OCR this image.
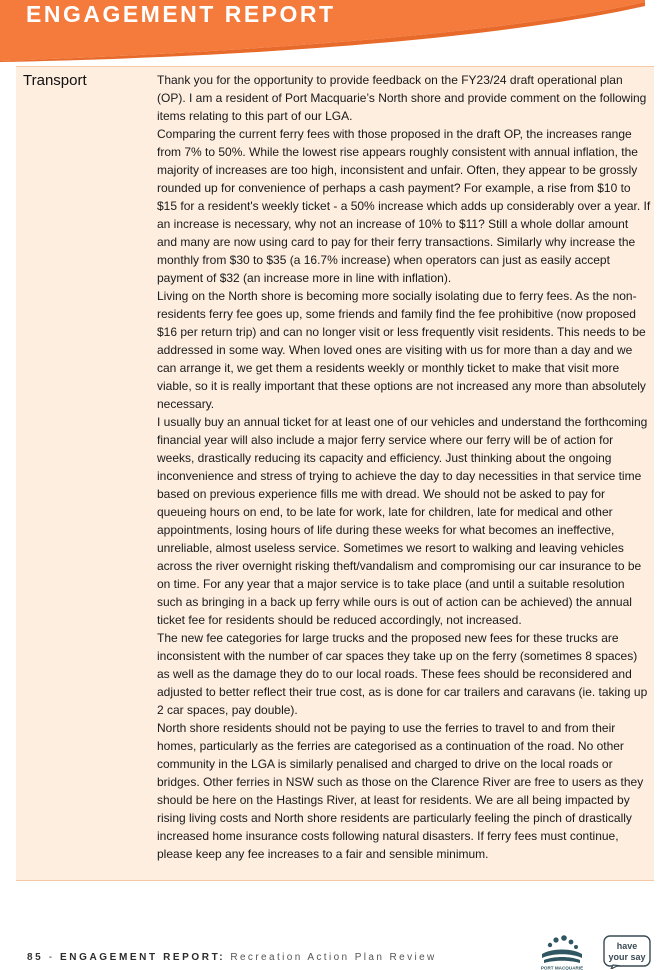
ENGAGEMENT REPORT
Transport	Thank you for the opportunity to provide feedback on the FY23/24 draft operational plan (OP). I am a resident of Port Macquarie’s North shore and provide comment on the following items relating to this part of our LGA.

Comparing the current ferry fees with those proposed in the draft OP, the increases range from 7% to 50%. While the lowest rise appears roughly consistent with annual inflation, the majority of increases are too high, inconsistent and unfair. Often, they appear to be grossly rounded up for convenience of perhaps a cash payment? For example, a rise from $10 to $15 for a resident's weekly ticket - a 50% increase which adds up considerably over a year. If an increase is necessary, why not an increase of 10% to $11? Still a whole dollar amount and many are now using card to pay for their ferry transactions. Similarly why increase the monthly from $30 to $35 (a 16.7% increase) when operators can just as easily accept payment of $32 (an increase more in line with inflation).

Living on the North shore is becoming more socially isolating due to ferry fees. As the non-residents ferry fee goes up, some friends and family find the fee prohibitive (now proposed $16 per return trip) and can no longer visit or less frequently visit residents. This needs to be addressed in some way. When loved ones are visiting with us for more than a day and we can arrange it, we get them a residents weekly or monthly ticket to make that visit more viable, so it is really important that these options are not increased any more than absolutely necessary.

I usually buy an annual ticket for at least one of our vehicles and understand the forthcoming financial year will also include a major ferry service where our ferry will be of action for weeks, drastically reducing its capacity and efficiency. Just thinking about the ongoing inconvenience and stress of trying to achieve the day to day necessities in that service time based on previous experience fills me with dread. We should not be asked to pay for queueing hours on end, to be late for work, late for children, late for medical and other appointments, losing hours of life during these weeks for what becomes an ineffective, unreliable, almost useless service. Sometimes we resort to walking and leaving vehicles across the river overnight risking theft/vandalism and compromising our car insurance to be on time. For any year that a major service is to take place (and until a suitable resolution such as bringing in a back up ferry while ours is out of action can be achieved) the annual ticket fee for residents should be reduced accordingly, not increased.

The new fee categories for large trucks and the proposed new fees for these trucks are inconsistent with the number of car spaces they take up on the ferry (sometimes 8 spaces) as well as the damage they do to our local roads. These fees should be reconsidered and adjusted to better reflect their true cost, as is done for car trailers and caravans (ie. taking up 2 car spaces, pay double).

North shore residents should not be paying to use the ferries to travel to and from their homes, particularly as the ferries are categorised as a continuation of the road. No other community in the LGA is similarly penalised and charged to drive on the local roads or bridges. Other ferries in NSW such as those on the Clarence River are free to users as they should be here on the Hastings River, at least for residents. We are all being impacted by rising living costs and North shore residents are particularly feeling the pinch of drastically increased home insurance costs following natural disasters. If ferry fees must continue, please keep any fee increases to a fair and sensible minimum.

85 - ENGAGEMENT REPORT: Recreation Action Plan Review
PORT MACQUARIE
have
your say
